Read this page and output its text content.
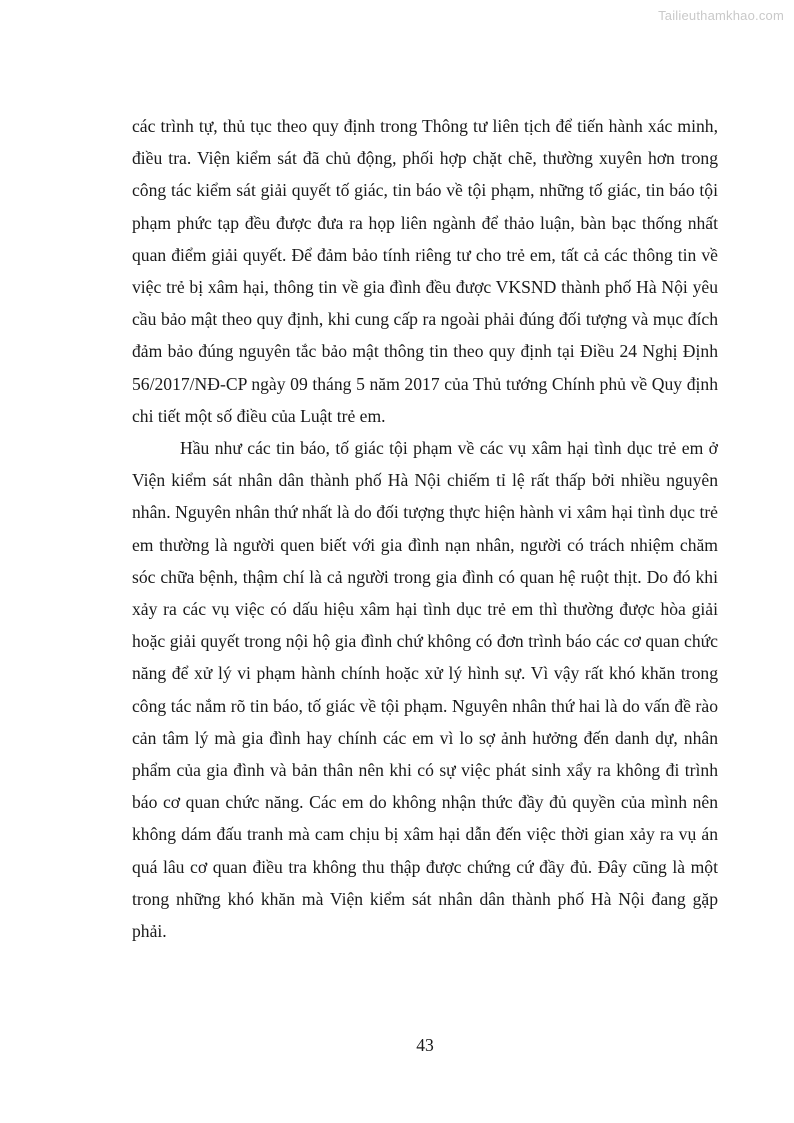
Tailieuthamkhao.com

các trình tự, thủ tục theo quy định trong Thông tư liên tịch để tiến hành xác minh, điều tra. Viện kiểm sát đã chủ động, phối hợp chặt chẽ, thường xuyên hơn trong công tác kiểm sát giải quyết tố giác, tin báo về tội phạm, những tố giác, tin báo tội phạm phức tạp đều được đưa ra họp liên ngành để thảo luận, bàn bạc thống nhất quan điểm giải quyết. Để đảm bảo tính riêng tư cho trẻ em, tất cả các thông tin về việc trẻ bị xâm hại, thông tin về gia đình đều được VKSND thành phố Hà Nội yêu cầu bảo mật theo quy định, khi cung cấp ra ngoài phải đúng đối tượng và mục đích đảm bảo đúng nguyên tắc bảo mật thông tin theo quy định tại Điều 24 Nghị Định 56/2017/NĐ-CP ngày 09 tháng 5 năm 2017 của Thủ tướng Chính phủ về Quy định chi tiết một số điều của Luật trẻ em.

Hầu như các tin báo, tố giác tội phạm về các vụ xâm hại tình dục trẻ em ở Viện kiểm sát nhân dân thành phố Hà Nội chiếm tỉ lệ rất thấp bởi nhiều nguyên nhân. Nguyên nhân thứ nhất là do đối tượng thực hiện hành vi xâm hại tình dục trẻ em thường là người quen biết với gia đình nạn nhân, người có trách nhiệm chăm sóc chữa bệnh, thậm chí là cả người trong gia đình có quan hệ ruột thịt. Do đó khi xảy ra các vụ việc có dấu hiệu xâm hại tình dục trẻ em thì thường được hòa giải hoặc giải quyết trong nội hộ gia đình chứ không có đơn trình báo các cơ quan chức năng để xử lý vi phạm hành chính hoặc xử lý hình sự. Vì vậy rất khó khăn trong công tác nắm rõ tin báo, tố giác về tội phạm. Nguyên nhân thứ hai là do vấn đề rào cản tâm lý mà gia đình hay chính các em vì lo sợ ảnh hưởng đến danh dự, nhân phẩm của gia đình và bản thân nên khi có sự việc phát sinh xẩy ra không đi trình báo cơ quan chức năng. Các em do không nhận thức đầy đủ quyền của mình nên không dám đấu tranh mà cam chịu bị xâm hại dẫn đến việc thời gian xảy ra vụ án quá lâu cơ quan điều tra không thu thập được chứng cứ đầy đủ. Đây cũng là một trong những khó khăn mà Viện kiểm sát nhân dân thành phố Hà Nội đang gặp phải.

43
